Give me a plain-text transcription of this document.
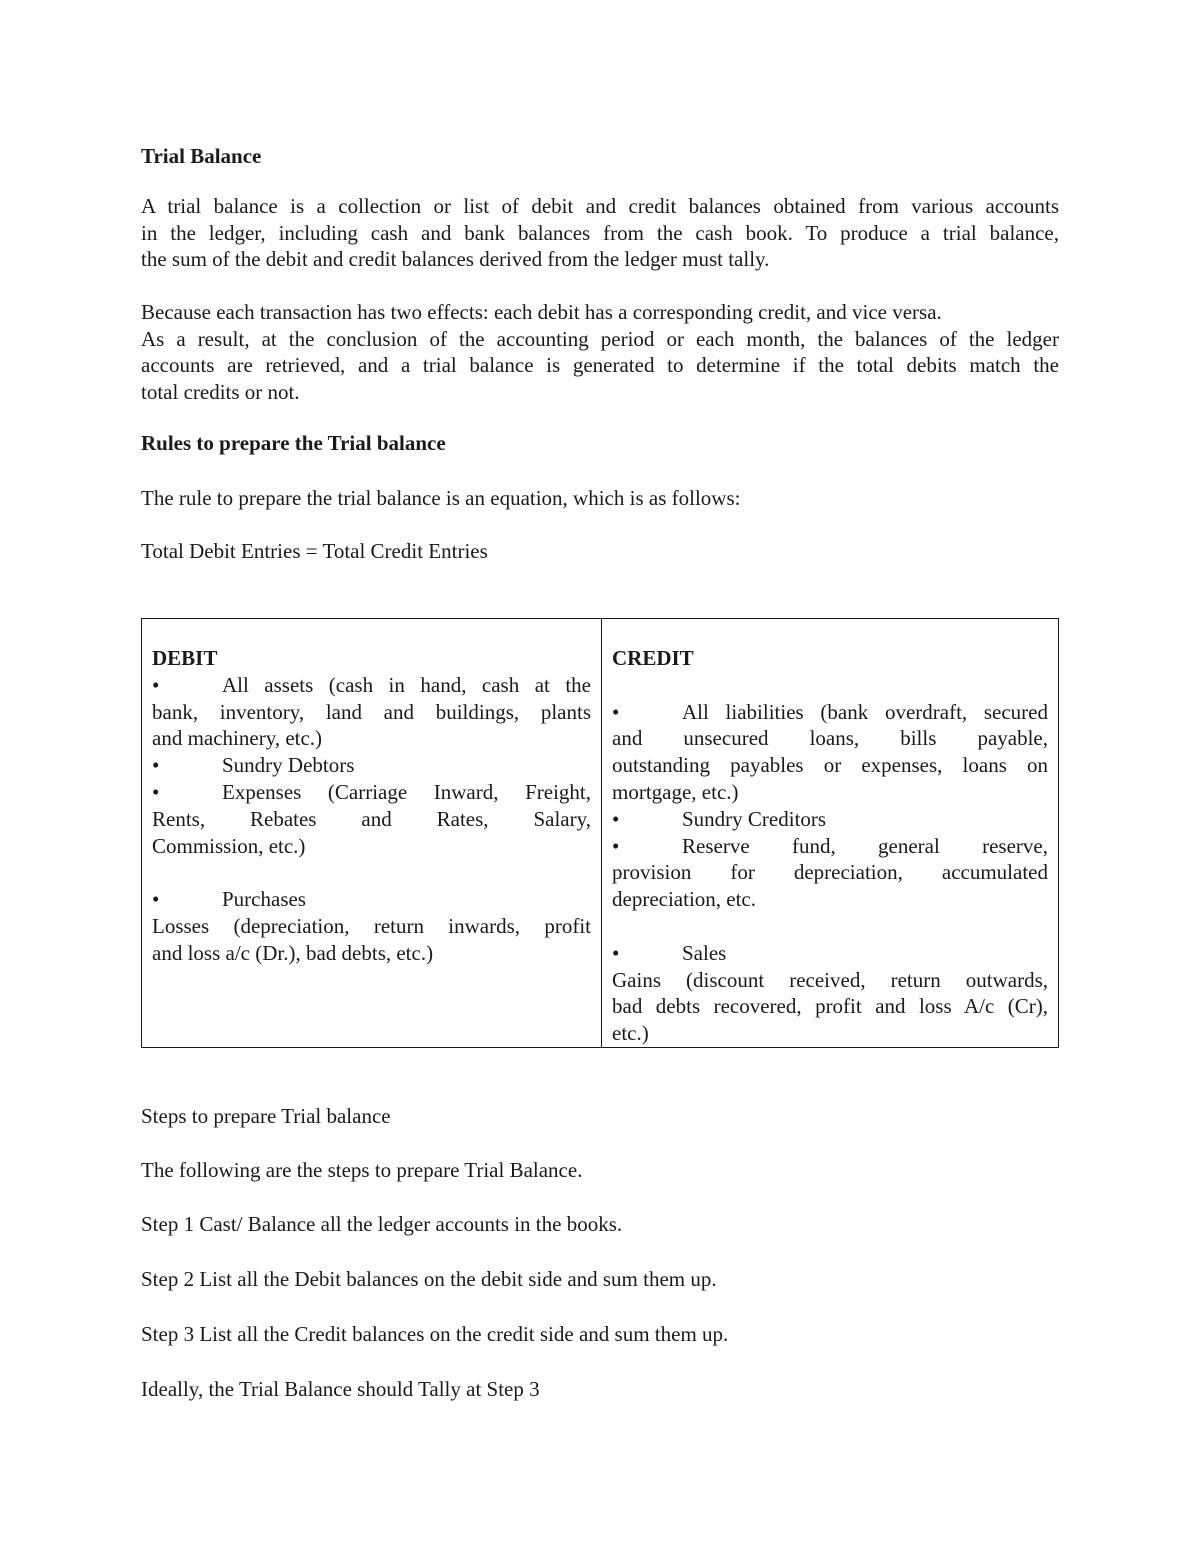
Trial Balance

A trial balance is a collection or list of debit and credit balances obtained from various accounts
in the ledger, including cash and bank balances from the cash book. To produce a trial balance,
the sum of the debit and credit balances derived from the ledger must tally.
Because each transaction has two effects: each debit has a corresponding credit, and vice versa.
As a result, at the conclusion of the accounting period or each month, the balances of the ledger
accounts are retrieved, and a trial balance is generated to determine if the total debits match the
total credits or not.

Rules to prepare the Trial balance

The rule to prepare the trial balance is an equation, which is as follows:

Total Debit Entries = Total Credit Entries

DEBIT
•	All assets (cash in hand, cash at the
bank, inventory, land and buildings, plants
and machinery, etc.)
•	Sundry Debtors
•	Expenses (Carriage Inward, Freight,
Rents, Rebates and Rates, Salary,
Commission, etc.)

•	Purchases
Losses (depreciation, return inwards, profit
and loss a/c (Dr.), bad debts, etc.)

CREDIT

•	All liabilities (bank overdraft, secured
and unsecured loans, bills payable,
outstanding payables or expenses, loans on
mortgage, etc.)
•	Sundry Creditors
•	Reserve fund, general reserve,
provision for depreciation, accumulated
depreciation, etc.

•	Sales
Gains (discount received, return outwards,
bad debts recovered, profit and loss A/c (Cr),
etc.)

Steps to prepare Trial balance

The following are the steps to prepare Trial Balance.

Step 1 Cast/ Balance all the ledger accounts in the books.

Step 2 List all the Debit balances on the debit side and sum them up.

Step 3 List all the Credit balances on the credit side and sum them up.

Ideally, the Trial Balance should Tally at Step 3
